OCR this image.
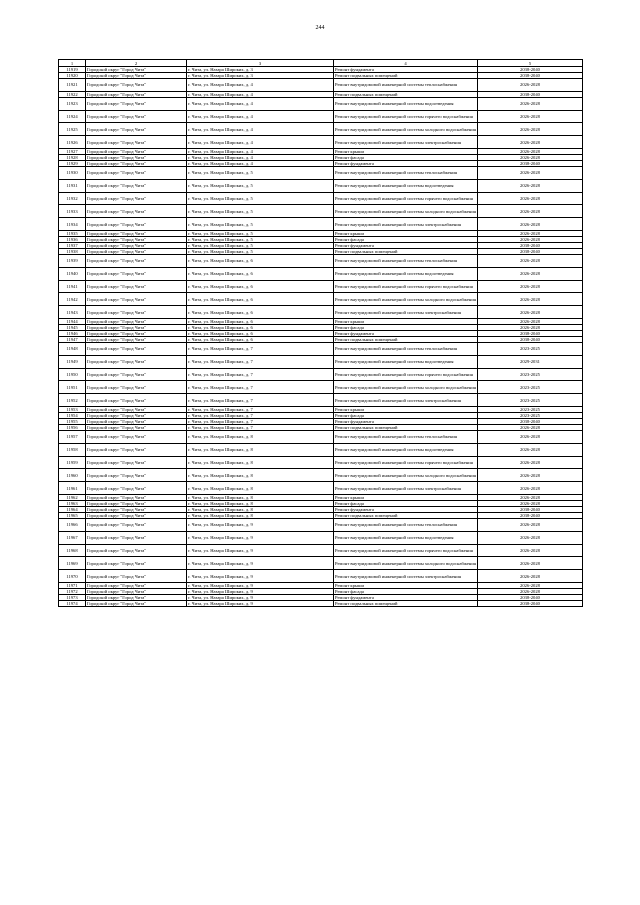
244
1	2	3	4	5
11919	Городской округ "Город Чита"	г. Чита, ул. Назара Широких, д. 3	Ремонт фундамента	2038-2040
11920	Городской округ "Город Чита"	г. Чита, ул. Назара Широких, д. 3	Ремонт подвальных помещений	2038-2040
11921	Городской округ "Город Чита"	г. Чита, ул. Назара Широких, д. 4	Ремонт внутридомовой инженерной системы теплоснабжения	2026-2028
11922	Городской округ "Город Чита"	г. Чита, ул. Назара Широких, д. 4	Ремонт подвальных помещений	2038-2040
11923	Городской округ "Город Чита"	г. Чита, ул. Назара Широких, д. 4	Ремонт внутридомовой инженерной системы водоотведения	2026-2028
11924	Городской округ "Город Чита"	г. Чита, ул. Назара Широких, д. 4	Ремонт внутридомовой инженерной системы горячего водоснабжения	2026-2028
11925	Городской округ "Город Чита"	г. Чита, ул. Назара Широких, д. 4	Ремонт внутридомовой инженерной системы холодного водоснабжения	2026-2028
11926	Городской округ "Город Чита"	г. Чита, ул. Назара Широких, д. 4	Ремонт внутридомовой инженерной системы электроснабжения	2026-2028
11927	Городской округ "Город Чита"	г. Чита, ул. Назара Широких, д. 4	Ремонт крыши	2026-2028
11928	Городской округ "Город Чита"	г. Чита, ул. Назара Широких, д. 4	Ремонт фасада	2026-2028
11929	Городской округ "Город Чита"	г. Чита, ул. Назара Широких, д. 4	Ремонт фундамента	2038-2040
11930	Городской округ "Город Чита"	г. Чита, ул. Назара Широких, д. 5	Ремонт внутридомовой инженерной системы теплоснабжения	2026-2028
11931	Городской округ "Город Чита"	г. Чита, ул. Назара Широких, д. 5	Ремонт внутридомовой инженерной системы водоотведения	2026-2028
11932	Городской округ "Город Чита"	г. Чита, ул. Назара Широких, д. 5	Ремонт внутридомовой инженерной системы горячего водоснабжения	2026-2028
11933	Городской округ "Город Чита"	г. Чита, ул. Назара Широких, д. 5	Ремонт внутридомовой инженерной системы холодного водоснабжения	2026-2028
11934	Городской округ "Город Чита"	г. Чита, ул. Назара Широких, д. 5	Ремонт внутридомовой инженерной системы электроснабжения	2026-2028
11935	Городской округ "Город Чита"	г. Чита, ул. Назара Широких, д. 5	Ремонт крыши	2026-2028
11936	Городской округ "Город Чита"	г. Чита, ул. Назара Широких, д. 5	Ремонт фасада	2026-2028
11937	Городской округ "Город Чита"	г. Чита, ул. Назара Широких, д. 5	Ремонт фундамента	2038-2040
11938	Городской округ "Город Чита"	г. Чита, ул. Назара Широких, д. 5	Ремонт подвальных помещений	2038-2040
11939	Городской округ "Город Чита"	г. Чита, ул. Назара Широких, д. 6	Ремонт внутридомовой инженерной системы теплоснабжения	2026-2028
11940	Городской округ "Город Чита"	г. Чита, ул. Назара Широких, д. 6	Ремонт внутридомовой инженерной системы водоотведения	2026-2028
11941	Городской округ "Город Чита"	г. Чита, ул. Назара Широких, д. 6	Ремонт внутридомовой инженерной системы горячего водоснабжения	2026-2028
11942	Городской округ "Город Чита"	г. Чита, ул. Назара Широких, д. 6	Ремонт внутридомовой инженерной системы холодного водоснабжения	2026-2028
11943	Городской округ "Город Чита"	г. Чита, ул. Назара Широких, д. 6	Ремонт внутридомовой инженерной системы электроснабжения	2026-2028
11944	Городской округ "Город Чита"	г. Чита, ул. Назара Широких, д. 6	Ремонт крыши	2026-2028
11945	Городской округ "Город Чита"	г. Чита, ул. Назара Широких, д. 6	Ремонт фасада	2026-2028
11946	Городской округ "Город Чита"	г. Чита, ул. Назара Широких, д. 6	Ремонт фундамента	2038-2040
11947	Городской округ "Город Чита"	г. Чита, ул. Назара Широких, д. 6	Ремонт подвальных помещений	2038-2040
11948	Городской округ "Город Чита"	г. Чита, ул. Назара Широких, д. 7	Ремонт внутридомовой инженерной системы теплоснабжения	2023-2025
11949	Городской округ "Город Чита"	г. Чита, ул. Назара Широких, д. 7	Ремонт внутридомовой инженерной системы водоотведения	2029-2031
11950	Городской округ "Город Чита"	г. Чита, ул. Назара Широких, д. 7	Ремонт внутридомовой инженерной системы горячего водоснабжения	2023-2025
11951	Городской округ "Город Чита"	г. Чита, ул. Назара Широких, д. 7	Ремонт внутридомовой инженерной системы холодного водоснабжения	2023-2025
11952	Городской округ "Город Чита"	г. Чита, ул. Назара Широких, д. 7	Ремонт внутридомовой инженерной системы электроснабжения	2023-2025
11953	Городской округ "Город Чита"	г. Чита, ул. Назара Широких, д. 7	Ремонт крыши	2023-2025
11954	Городской округ "Город Чита"	г. Чита, ул. Назара Широких, д. 7	Ремонт фасада	2023-2025
11955	Городской округ "Город Чита"	г. Чита, ул. Назара Широких, д. 7	Ремонт фундамента	2038-2040
11956	Городской округ "Город Чита"	г. Чита, ул. Назара Широких, д. 7	Ремонт подвальных помещений	2026-2028
11957	Городской округ "Город Чита"	г. Чита, ул. Назара Широких, д. 8	Ремонт внутридомовой инженерной системы теплоснабжения	2026-2028
11958	Городской округ "Город Чита"	г. Чита, ул. Назара Широких, д. 8	Ремонт внутридомовой инженерной системы водоотведения	2026-2028
11959	Городской округ "Город Чита"	г. Чита, ул. Назара Широких, д. 8	Ремонт внутридомовой инженерной системы горячего водоснабжения	2026-2028
11960	Городской округ "Город Чита"	г. Чита, ул. Назара Широких, д. 8	Ремонт внутридомовой инженерной системы холодного водоснабжения	2026-2028
11961	Городской округ "Город Чита"	г. Чита, ул. Назара Широких, д. 8	Ремонт внутридомовой инженерной системы электроснабжения	2026-2028
11962	Городской округ "Город Чита"	г. Чита, ул. Назара Широких, д. 8	Ремонт крыши	2026-2028
11963	Городской округ "Город Чита"	г. Чита, ул. Назара Широких, д. 8	Ремонт фасада	2026-2028
11964	Городской округ "Город Чита"	г. Чита, ул. Назара Широких, д. 8	Ремонт фундамента	2038-2040
11965	Городской округ "Город Чита"	г. Чита, ул. Назара Широких, д. 8	Ремонт подвальных помещений	2038-2040
11966	Городской округ "Город Чита"	г. Чита, ул. Назара Широких, д. 9	Ремонт внутридомовой инженерной системы теплоснабжения	2026-2028
11967	Городской округ "Город Чита"	г. Чита, ул. Назара Широких, д. 9	Ремонт внутридомовой инженерной системы водоотведения	2026-2028
11968	Городской округ "Город Чита"	г. Чита, ул. Назара Широких, д. 9	Ремонт внутридомовой инженерной системы горячего водоснабжения	2026-2028
11969	Городской округ "Город Чита"	г. Чита, ул. Назара Широких, д. 9	Ремонт внутридомовой инженерной системы холодного водоснабжения	2026-2028
11970	Городской округ "Город Чита"	г. Чита, ул. Назара Широких, д. 9	Ремонт внутридомовой инженерной системы электроснабжения	2026-2028
11971	Городской округ "Город Чита"	г. Чита, ул. Назара Широких, д. 9	Ремонт крыши	2026-2028
11972	Городской округ "Город Чита"	г. Чита, ул. Назара Широких, д. 9	Ремонт фасада	2026-2028
11973	Городской округ "Город Чита"	г. Чита, ул. Назара Широких, д. 9	Ремонт фундамента	2038-2040
11974	Городской округ "Город Чита"	г. Чита, ул. Назара Широких, д. 9	Ремонт подвальных помещений	2038-2040
